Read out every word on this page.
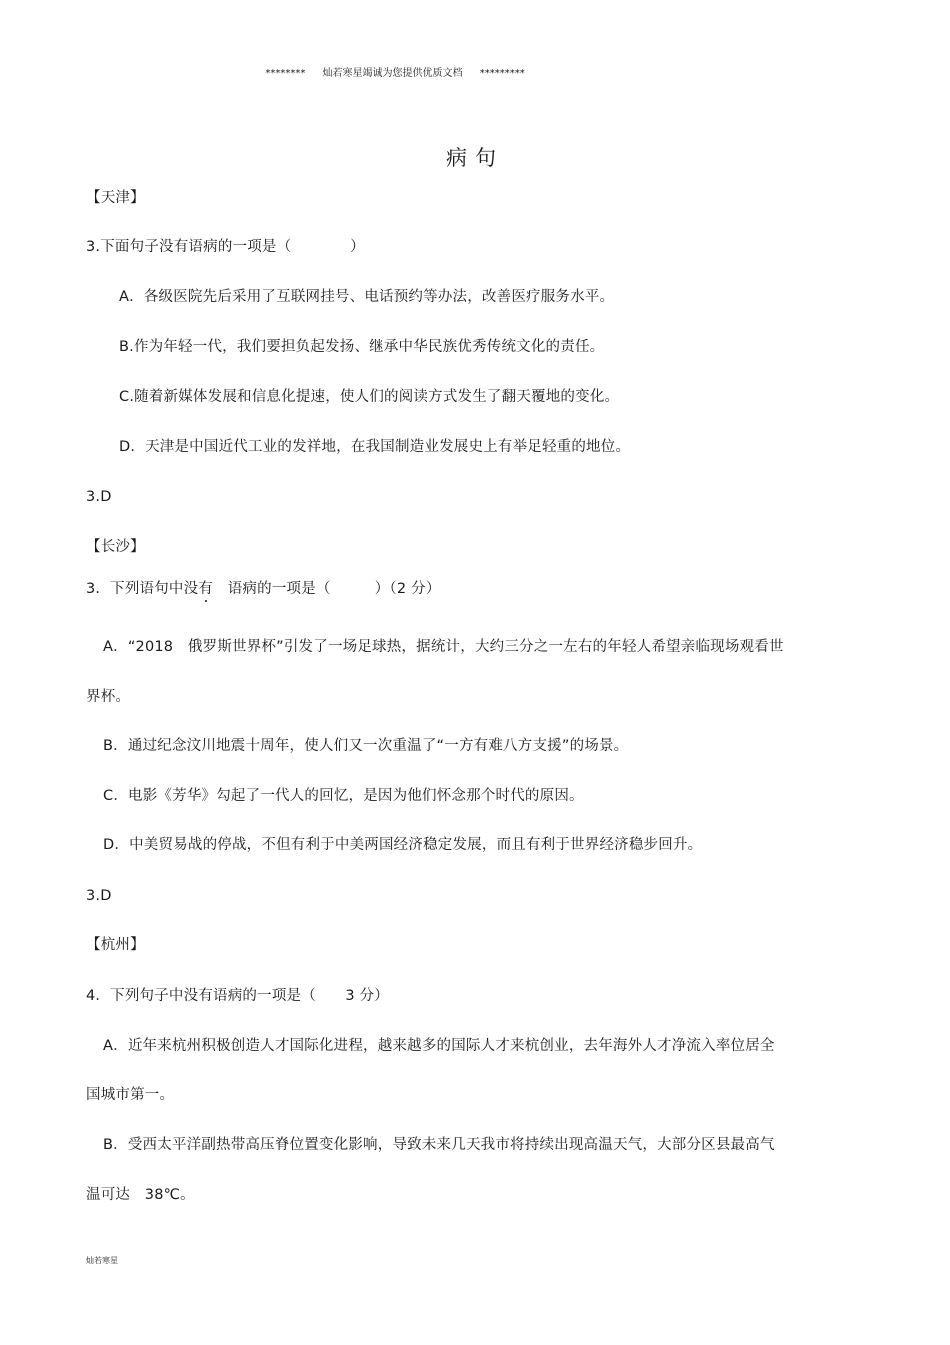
******** 灿若寒星竭诚为您提供优质文档 *********
病句
【天津】
3.下面句子没有语病的一项是（　　　　）
A．各级医院先后采用了互联网挂号、电话预约等办法，改善医疗服务水平。
B.作为年轻一代，我们要担负起发扬、继承中华民族优秀传统文化的责任。
C.随着新媒体发展和信息化提速，使人们的阅读方式发生了翻天覆地的变化。
D．天津是中国近代工业的发祥地，在我国制造业发展史上有举足轻重的地位。
3.D
【长沙】
3．下列语句中没有　语病的一项是（　　　）（2 分）
A．“2018　俄罗斯世界杯”引发了一场足球热，据统计，大约三分之一左右的年轻人希望亲临现场观看世
界杯。
B．通过纪念汶川地震十周年，使人们又一次重温了“一方有难八方支援”的场景。
C．电影《芳华》勾起了一代人的回忆，是因为他们怀念那个时代的原因。
D．中美贸易战的停战，不但有利于中美两国经济稳定发展，而且有利于世界经济稳步回升。
3.D
【杭州】
4．下列句子中没有语病的一项是（　　3 分）
A．近年来杭州积极创造人才国际化进程，越来越多的国际人才来杭创业，去年海外人才净流入率位居全
国城市第一。
B．受西太平洋副热带高压脊位置变化影响，导致未来几天我市将持续出现高温天气，大部分区县最高气
温可达　38℃。
灿若寒星
